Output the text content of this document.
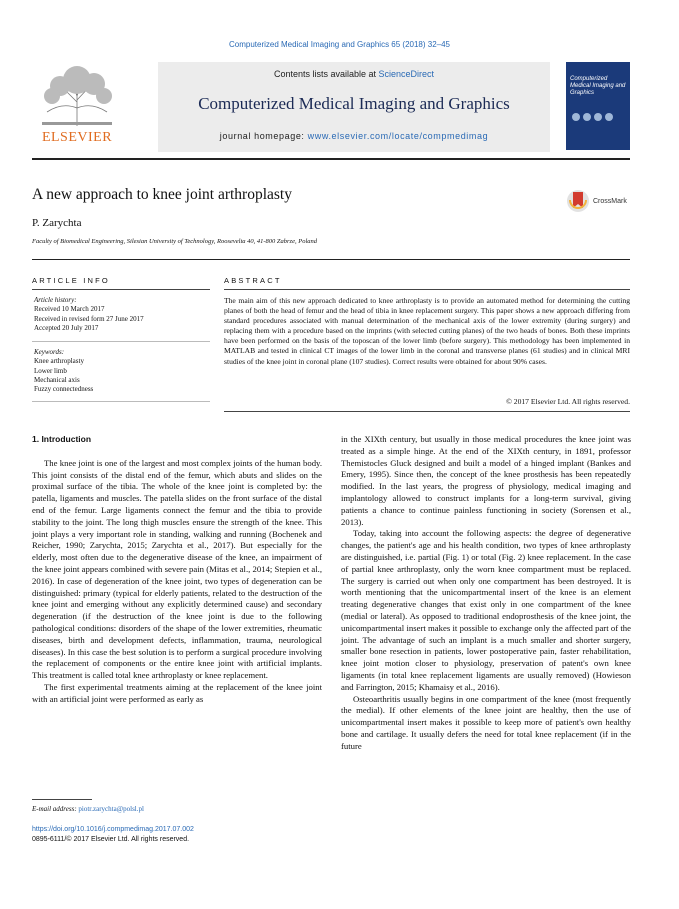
Computerized Medical Imaging and Graphics 65 (2018) 32–45
ELSEVIER
Contents lists available at ScienceDirect
Computerized Medical Imaging and Graphics
journal homepage: www.elsevier.com/locate/compmedimag
Computerized Medical Imaging and Graphics
A new approach to knee joint arthroplasty	CrossMark
P. Zarychta
Faculty of Biomedical Engineering, Silesian University of Technology, Roosevelta 40, 41-800 Zabrze, Poland
ARTICLE INFO	ABSTRACT
Article history:
Received 10 March 2017
Received in revised form 27 June 2017
Accepted 20 July 2017
Keywords:
Knee arthroplasty
Lower limb
Mechanical axis
Fuzzy connectedness
The main aim of this new approach dedicated to knee arthroplasty is to provide an automated method for determining the cutting planes of both the head of femur and the head of tibia in knee replacement surgery. This paper shows a new approach differing from standard procedures associated with manual determination of the mechanical axis of the lower extremity (during surgery) and replacing them with a procedure based on the imprints (with selected cutting planes) of the two heads of bones. Both these imprints have been performed on the basis of the toposcan of the lower limb (before surgery). This methodology has been implemented in MATLAB and tested in clinical CT images of the lower limb in the coronal and transverse planes (61 studies) and in clinical MRI studies of the knee joint in coronal plane (107 studies). Correct results were obtained for about 90% cases.
© 2017 Elsevier Ltd. All rights reserved.
1. Introduction

The knee joint is one of the largest and most complex joints of the human body. This joint consists of the distal end of the femur, which abuts and slides on the proximal surface of the tibia. The whole of the knee joint is completed by: the patella, ligaments and muscles. The patella slides on the front surface of the distal end of the femur. Large ligaments connect the femur and the tibia to provide stability to the joint. The long thigh muscles ensure the strength of the knee. This joint plays a very important role in standing, walking and running (Bochenek and Reicher, 1990; Zarychta, 2015; Zarychta et al., 2017). But especially for the elderly, most often due to the degenerative disease of the knee, an impairment of the knee joint appears combined with severe pain (Mitas et al., 2014; Stepien et al., 2016). In case of degeneration of the knee joint, two types of degeneration can be distinguished: primary (typical for elderly patients, related to the destruction of the knee joint and emerging without any explicitly determined cause) and secondary degeneration (if the destruction of the knee joint is due to the following pathological conditions: disorders of the shape of the lower extremities, rheumatic diseases, birth and development defects, inflammation, trauma, neurological diseases). In this case the best solution is to perform a surgical procedure involving the replacement of components or the entire knee joint with artificial implants. This treatment is called total knee arthroplasty or knee replacement.

The first experimental treatments aiming at the replacement of the knee joint with an artificial joint were performed as early as

in the XIXth century, but usually in those medical procedures the knee joint was treated as a simple hinge. At the end of the XIXth century, in 1891, professor Themistocles Gluck designed and built a model of a hinged implant (Bankes and Emery, 1995). Since then, the concept of the knee prosthesis has been repeatedly modified. In the last years, the progress of physiology, medical imaging and implantology allowed to construct implants for a long-term survival, giving patients a chance to continue painless functioning in society (Sorensen et al., 2013).

Today, taking into account the following aspects: the degree of degenerative changes, the patient's age and his health condition, two types of knee arthroplasty are distinguished, i.e. partial (Fig. 1) or total (Fig. 2) knee replacement. In the case of partial knee arthroplasty, only the worn knee compartment must be replaced. The surgery is carried out when only one compartment has been destroyed. It is worth mentioning that the unicompartmental insert of the knee is an element treating degenerative changes that exist only in one compartment of the knee (medial or lateral). As opposed to traditional endoprosthesis of the knee joint, the unicompartmental insert makes it possible to exchange only the affected part of the joint. The advantage of such an implant is a much smaller and shorter surgery, smaller bone resection in patients, lower postoperative pain, faster rehabilitation, knee joint motion closer to physiology, preservation of patent's own knee ligaments (in total knee replacement ligaments are usually removed) (Howieson and Farrington, 2015; Khamaisy et al., 2016).

Osteoarthritis usually begins in one compartment of the knee (most frequently the medial). If other elements of the knee joint are healthy, then the use of unicompartmental insert makes it possible to keep more of patient's own healthy bone and cartilage. It usually defers the need for total knee replacement (if in the future

E-mail address: piotr.zarychta@polsl.pl
https://doi.org/10.1016/j.compmedimag.2017.07.002
0895-6111/© 2017 Elsevier Ltd. All rights reserved.
